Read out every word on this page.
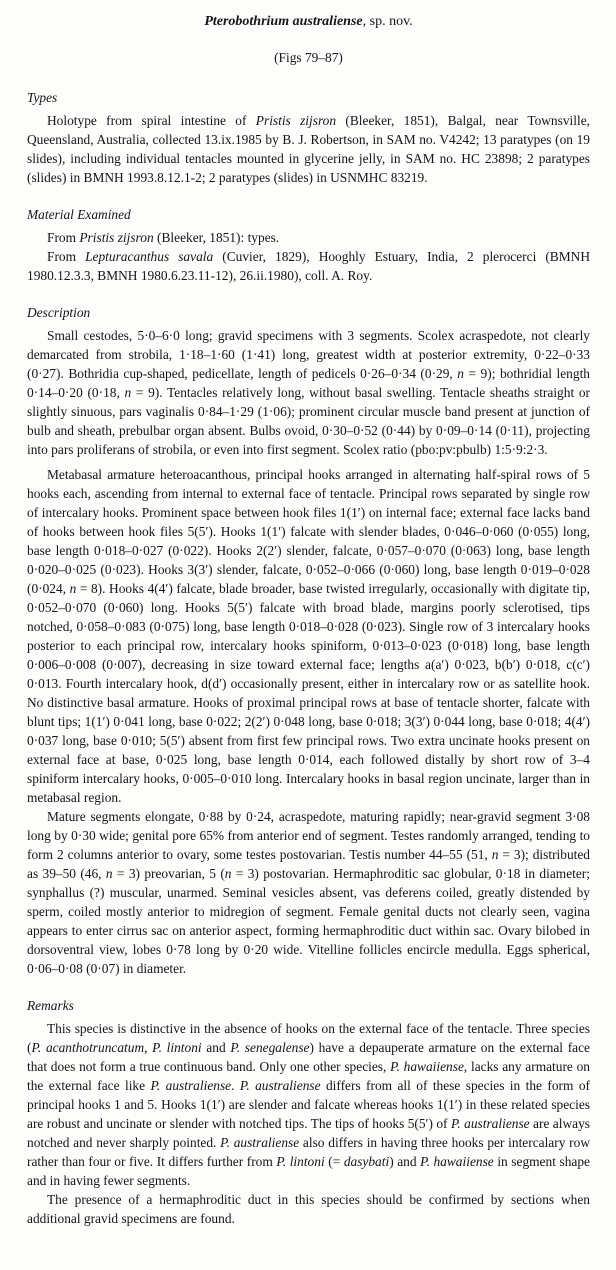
Pterobothrium australiense, sp. nov.
(Figs 79–87)
Types

Holotype from spiral intestine of Pristis zijsron (Bleeker, 1851), Balgal, near Townsville, Queensland, Australia, collected 13.ix.1985 by B. J. Robertson, in SAM no. V4242; 13 paratypes (on 19 slides), including individual tentacles mounted in glycerine jelly, in SAM no. HC 23898; 2 paratypes (slides) in BMNH 1993.8.12.1-2; 2 paratypes (slides) in USNMHC 83219.

Material Examined

From Pristis zijsron (Bleeker, 1851): types.

From Lepturacanthus savala (Cuvier, 1829), Hooghly Estuary, India, 2 plerocerci (BMNH 1980.12.3.3, BMNH 1980.6.23.11-12), 26.ii.1980), coll. A. Roy.

Description

Small cestodes, 5·0–6·0 long; gravid specimens with 3 segments. Scolex acraspedote, not clearly demarcated from strobila, 1·18–1·60 (1·41) long, greatest width at posterior extremity, 0·22–0·33 (0·27). Bothridia cup-shaped, pedicellate, length of pedicels 0·26–0·34 (0·29, n = 9); bothridial length 0·14–0·20 (0·18, n = 9). Tentacles relatively long, without basal swelling. Tentacle sheaths straight or slightly sinuous, pars vaginalis 0·84–1·29 (1·06); prominent circular muscle band present at junction of bulb and sheath, prebulbar organ absent. Bulbs ovoid, 0·30–0·52 (0·44) by 0·09–0·14 (0·11), projecting into pars proliferans of strobila, or even into first segment. Scolex ratio (pbo:pv:pbulb) 1:5·9:2·3.

Metabasal armature heteroacanthous, principal hooks arranged in alternating half-spiral rows of 5 hooks each, ascending from internal to external face of tentacle. Principal rows separated by single row of intercalary hooks. Prominent space between hook files 1(1′) on internal face; external face lacks band of hooks between hook files 5(5′). Hooks 1(1′) falcate with slender blades, 0·046–0·060 (0·055) long, base length 0·018–0·027 (0·022). Hooks 2(2′) slender, falcate, 0·057–0·070 (0·063) long, base length 0·020–0·025 (0·023). Hooks 3(3′) slender, falcate, 0·052–0·066 (0·060) long, base length 0·019–0·028 (0·024, n = 8). Hooks 4(4′) falcate, blade broader, base twisted irregularly, occasionally with digitate tip, 0·052–0·070 (0·060) long. Hooks 5(5′) falcate with broad blade, margins poorly sclerotised, tips notched, 0·058–0·083 (0·075) long, base length 0·018–0·028 (0·023). Single row of 3 intercalary hooks posterior to each principal row, intercalary hooks spiniform, 0·013–0·023 (0·018) long, base length 0·006–0·008 (0·007), decreasing in size toward external face; lengths a(a′) 0·023, b(b′) 0·018, c(c′) 0·013. Fourth intercalary hook, d(d′) occasionally present, either in intercalary row or as satellite hook. No distinctive basal armature. Hooks of proximal principal rows at base of tentacle shorter, falcate with blunt tips; 1(1′) 0·041 long, base 0·022; 2(2′) 0·048 long, base 0·018; 3(3′) 0·044 long, base 0·018; 4(4′) 0·037 long, base 0·010; 5(5′) absent from first few principal rows. Two extra uncinate hooks present on external face at base, 0·025 long, base length 0·014, each followed distally by short row of 3–4 spiniform intercalary hooks, 0·005–0·010 long. Intercalary hooks in basal region uncinate, larger than in metabasal region.

Mature segments elongate, 0·88 by 0·24, acraspedote, maturing rapidly; near-gravid segment 3·08 long by 0·30 wide; genital pore 65% from anterior end of segment. Testes randomly arranged, tending to form 2 columns anterior to ovary, some testes postovarian. Testis number 44–55 (51, n = 3); distributed as 39–50 (46, n = 3) preovarian, 5 (n = 3) postovarian. Hermaphroditic sac globular, 0·18 in diameter; synphallus (?) muscular, unarmed. Seminal vesicles absent, vas deferens coiled, greatly distended by sperm, coiled mostly anterior to midregion of segment. Female genital ducts not clearly seen, vagina appears to enter cirrus sac on anterior aspect, forming hermaphroditic duct within sac. Ovary bilobed in dorsoventral view, lobes 0·78 long by 0·20 wide. Vitelline follicles encircle medulla. Eggs spherical, 0·06–0·08 (0·07) in diameter.

Remarks

This species is distinctive in the absence of hooks on the external face of the tentacle. Three species (P. acanthotruncatum, P. lintoni and P. senegalense) have a depauperate armature on the external face that does not form a true continuous band. Only one other species, P. hawaiiense, lacks any armature on the external face like P. australiense. P. australiense differs from all of these species in the form of principal hooks 1 and 5. Hooks 1(1′) are slender and falcate whereas hooks 1(1′) in these related species are robust and uncinate or slender with notched tips. The tips of hooks 5(5′) of P. australiense are always notched and never sharply pointed. P. australiense also differs in having three hooks per intercalary row rather than four or five. It differs further from P. lintoni (= dasybati) and P. hawaiiense in segment shape and in having fewer segments.

The presence of a hermaphroditic duct in this species should be confirmed by sections when additional gravid specimens are found.
